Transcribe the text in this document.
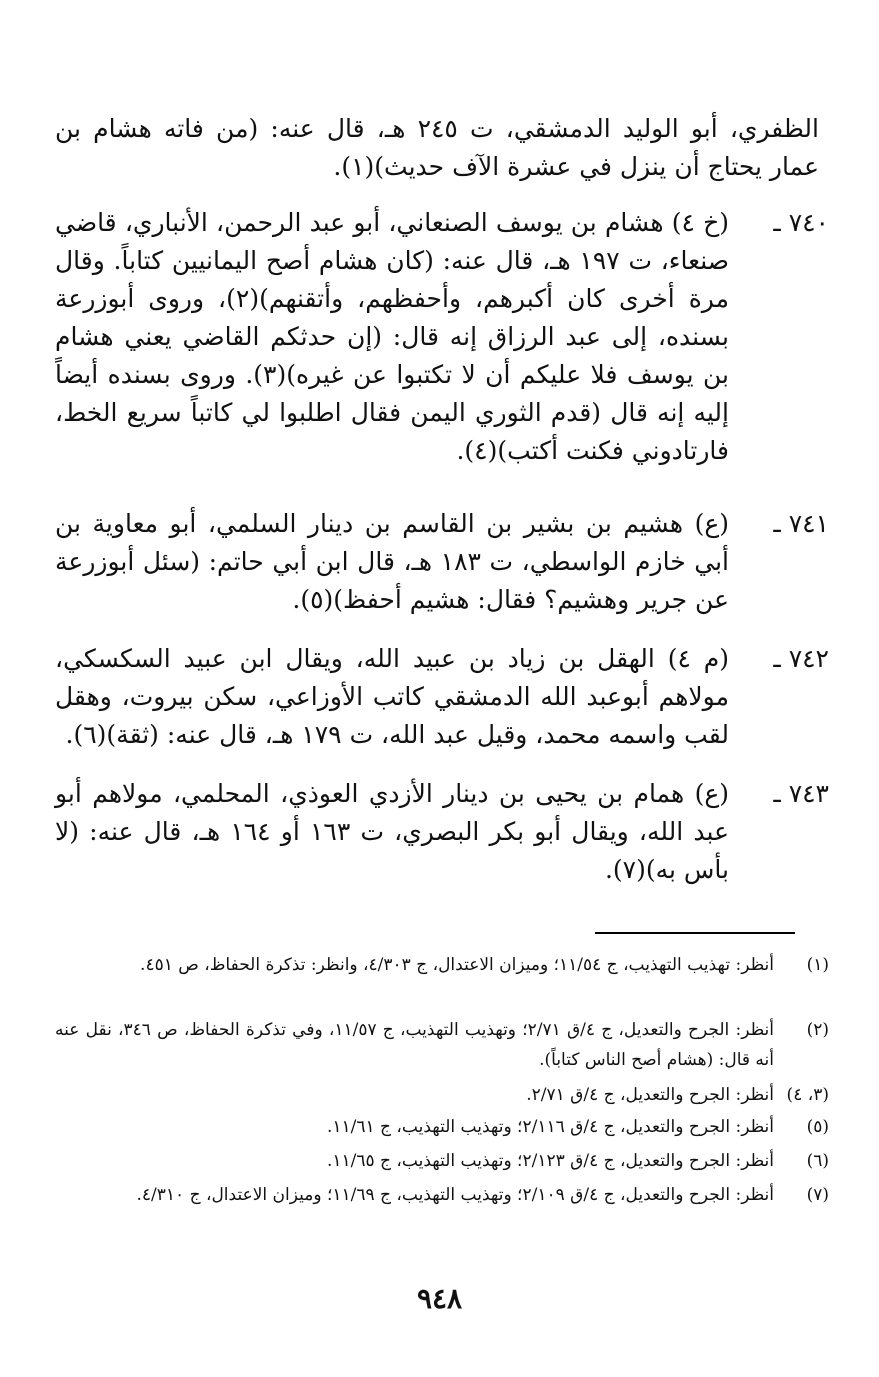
الظفري، أبو الوليد الدمشقي، ت ٢٤٥ هـ، قال عنه: (من فاته هشام بن عمار يحتاج أن ينزل في عشرة الآف حديث)(١).
٧٤٠ ـ
(خ ٤) هشام بن يوسف الصنعاني، أبو عبد الرحمن، الأنباري، قاضي صنعاء، ت ١٩٧ هـ، قال عنه: (كان هشام أصح اليمانيين كتاباً. وقال مرة أخرى كان أكبرهم، وأحفظهم، وأتقنهم)(٢)، وروى أبوزرعة بسنده، إلى عبد الرزاق إنه قال: (إن حدثكم القاضي يعني هشام بن يوسف فلا عليكم أن لا تكتبوا عن غيره)(٣). وروى بسنده أيضاً إليه إنه قال (قدم الثوري اليمن فقال اطلبوا لي كاتباً سريع الخط، فارتادوني فكنت أكتب)(٤).
٧٤١ ـ
(ع) هشيم بن بشير بن القاسم بن دينار السلمي، أبو معاوية بن أبي خازم الواسطي، ت ١٨٣ هـ، قال ابن أبي حاتم: (سئل أبوزرعة عن جرير وهشيم؟ فقال: هشيم أحفظ)(٥).
٧٤٢ ـ
(م ٤) الهقل بن زياد بن عبيد الله، ويقال ابن عبيد السكسكي، مولاهم أبوعبد الله الدمشقي كاتب الأوزاعي، سكن بيروت، وهقل لقب واسمه محمد، وقيل عبد الله، ت ١٧٩ هـ، قال عنه: (ثقة)(٦).
٧٤٣ ـ
(ع) همام بن يحيى بن دينار الأزدي العوذي، المحلمي، مولاهم أبو عبد الله، ويقال أبو بكر البصري، ت ١٦٣ أو ١٦٤ هـ، قال عنه: (لا بأس به)(٧).
(١)
أنظر: تهذيب التهذيب، ج ١١/٥٤؛ وميزان الاعتدال، ج ٤/٣٠٣، وانظر: تذكرة الحفاظ، ص ٤٥١.
(٢)
أنظر: الجرح والتعديل، ج ٤/ق ٢/٧١؛ وتهذيب التهذيب، ج ١١/٥٧، وفي تذكرة الحفاظ، ص ٣٤٦، نقل عنه أنه قال: (هشام أصح الناس كتاباً).
(٣، ٤)
أنظر: الجرح والتعديل، ج ٤/ق ٢/٧١.
(٥)
أنظر: الجرح والتعديل، ج ٤/ق ٢/١١٦؛ وتهذيب التهذيب، ج ١١/٦١.
(٦)
أنظر: الجرح والتعديل، ج ٤/ق ٢/١٢٣؛ وتهذيب التهذيب، ج ١١/٦٥.
(٧)
أنظر: الجرح والتعديل، ج ٤/ق ٢/١٠٩؛ وتهذيب التهذيب، ج ١١/٦٩؛ وميزان الاعتدال، ج ٤/٣١٠.
٩٤٨
